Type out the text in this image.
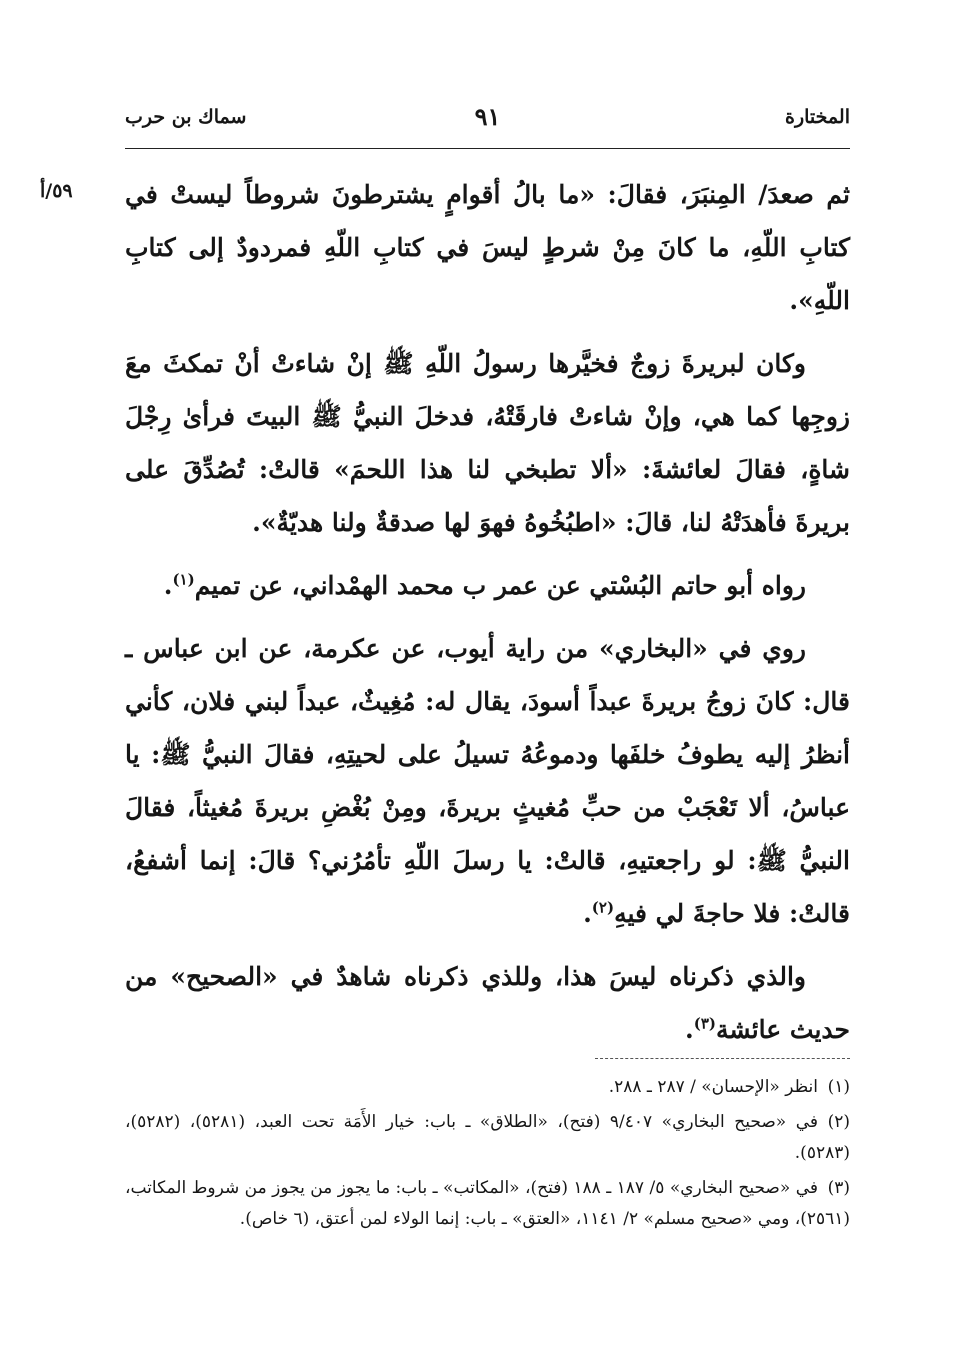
المختارة
٩١
سماك بن حرب
٥٩/أ	ثم صعدَ/ المِنبَرَ، فقالَ: «ما بالُ أقوامٍ يشترطونَ شروطاً ليستْ في كتابِ اللّهِ، ما كانَ مِنْ شرطٍ ليسَ في كتابِ اللّهِ فمردودٌ إلى كتابِ اللّهِ».

وكان لبريرةَ زوجٌ فخيَّرها رسولُ اللّهِ ﷺ إنْ شاءتْ أنْ تمكثَ معَ زوجِها كما هي، وإنْ شاءتْ فارقَتْهُ، فدخلَ النبيُّ ﷺ البيتَ فرأىٰ رِجْلَ شاةٍ، فقالَ لعائشةَ: «ألا تطبخي لنا هذا اللحمَ» قالتْ: تُصُدِّقَ على بريرةَ فأهدَتْهُ لنا، قالَ: «اطبُخُوهُ فهوَ لها صدقةٌ ولنا هديّةٌ».

رواه أبو حاتم البُسْتي عن عمر ب محمد الهمْداني، عن تميم$^{(١)}$.

روي في «البخاري» من راية أيوب، عن عكرمة، عن ابن عباس ـ قال: كانَ زوجُ بريرةَ عبداً أسودَ، يقال له: مُغِيثٌ، عبداً لبني فلان، كأني أنظرُ إليه يطوفُ خلفَها ودموعُهُ تسيلُ على لحيتِهِ، فقالَ النبيُّ ﷺ: يا عباسُ، ألا تَعْجَبْ من حبِّ مُغيثٍ بريرةَ، ومِنْ بُغْضِ بريرةَ مُغيثاً، فقالَ النبيُّ ﷺ: لو راجعتيهِ، قالتْ: يا رسلَ اللّهِ تأمُرُني؟ قالَ: إنما أشفعُ، قالتْ: فلا حاجةَ لي فيهِ$^{(٢)}$.

والذي ذكرناه ليسَ هذا، وللذي ذكرناه شاهدٌ في «الصحيح» من حديث عائشة$^{(٣)}$.

(١)انظر «الإحسان» / ٢٨٧ ـ ٢٨٨.
(٢)في «صحيح البخاري» ٩/٤٠٧ (فتح)، «الطلاق» ـ باب: خيار الأَمَة تحت العبد، (٥٢٨١)، (٥٢٨٢)، (٥٢٨٣).
(٣)في «صحيح البخاري» ٥/ ١٨٧ ـ ١٨٨ (فتح)، «المكاتب» ـ باب: ما يجوز من يجوز من شروط المكاتب، (٢٥٦١)، ومي «صحيح مسلم» ٢/ ١١٤١، «العتق» ـ باب: إنما الولاء لمن أعتق، (٦ خاص).
